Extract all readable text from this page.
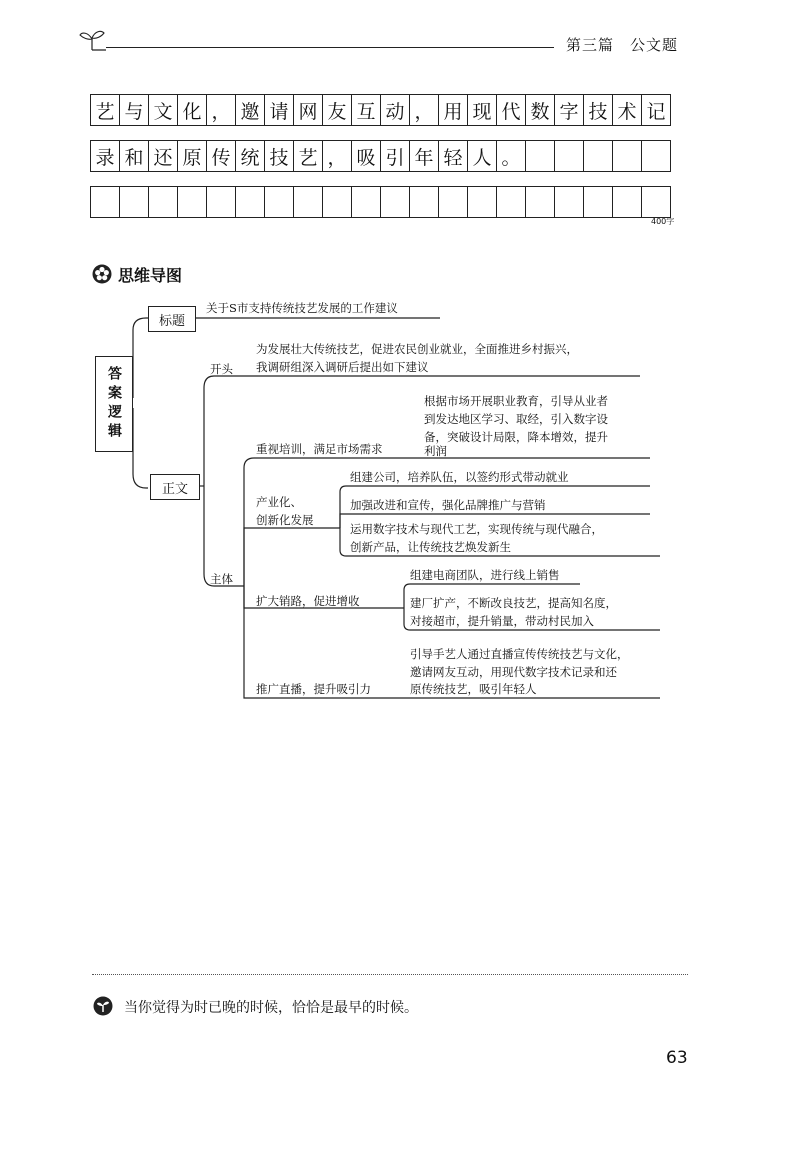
第三篇　公文题
艺 与 文 化 ， 邀 请 网 友 互 动 ， 用 现 代 数 字 技 术 记
录 和 还 原 传 统 技 艺 ， 吸 引 年 轻 人 。
400字
思维导图
答案逻辑
标题
关于S市支持传统技艺发展的工作建议
正文
开头
为发展壮大传统技艺，促进农民创业就业，全面推进乡村振兴，
我调研组深入调研后提出如下建议
主体
重视培训，满足市场需求
根据市场开展职业教育，引导从业者
到发达地区学习、取经，引入数字设
备，突破设计局限，降本增效，提升
利润
产业化、
创新化发展
组建公司，培养队伍，以签约形式带动就业
加强改进和宣传，强化品牌推广与营销
运用数字技术与现代工艺，实现传统与现代融合，
创新产品，让传统技艺焕发新生
扩大销路，促进增收
组建电商团队，进行线上销售
建厂扩产，不断改良技艺，提高知名度，
对接超市，提升销量，带动村民加入
推广直播，提升吸引力
引导手艺人通过直播宣传传统技艺与文化，
邀请网友互动，用现代数字技术记录和还
原传统技艺，吸引年轻人
当你觉得为时已晚的时候，恰恰是最早的时候。
63
